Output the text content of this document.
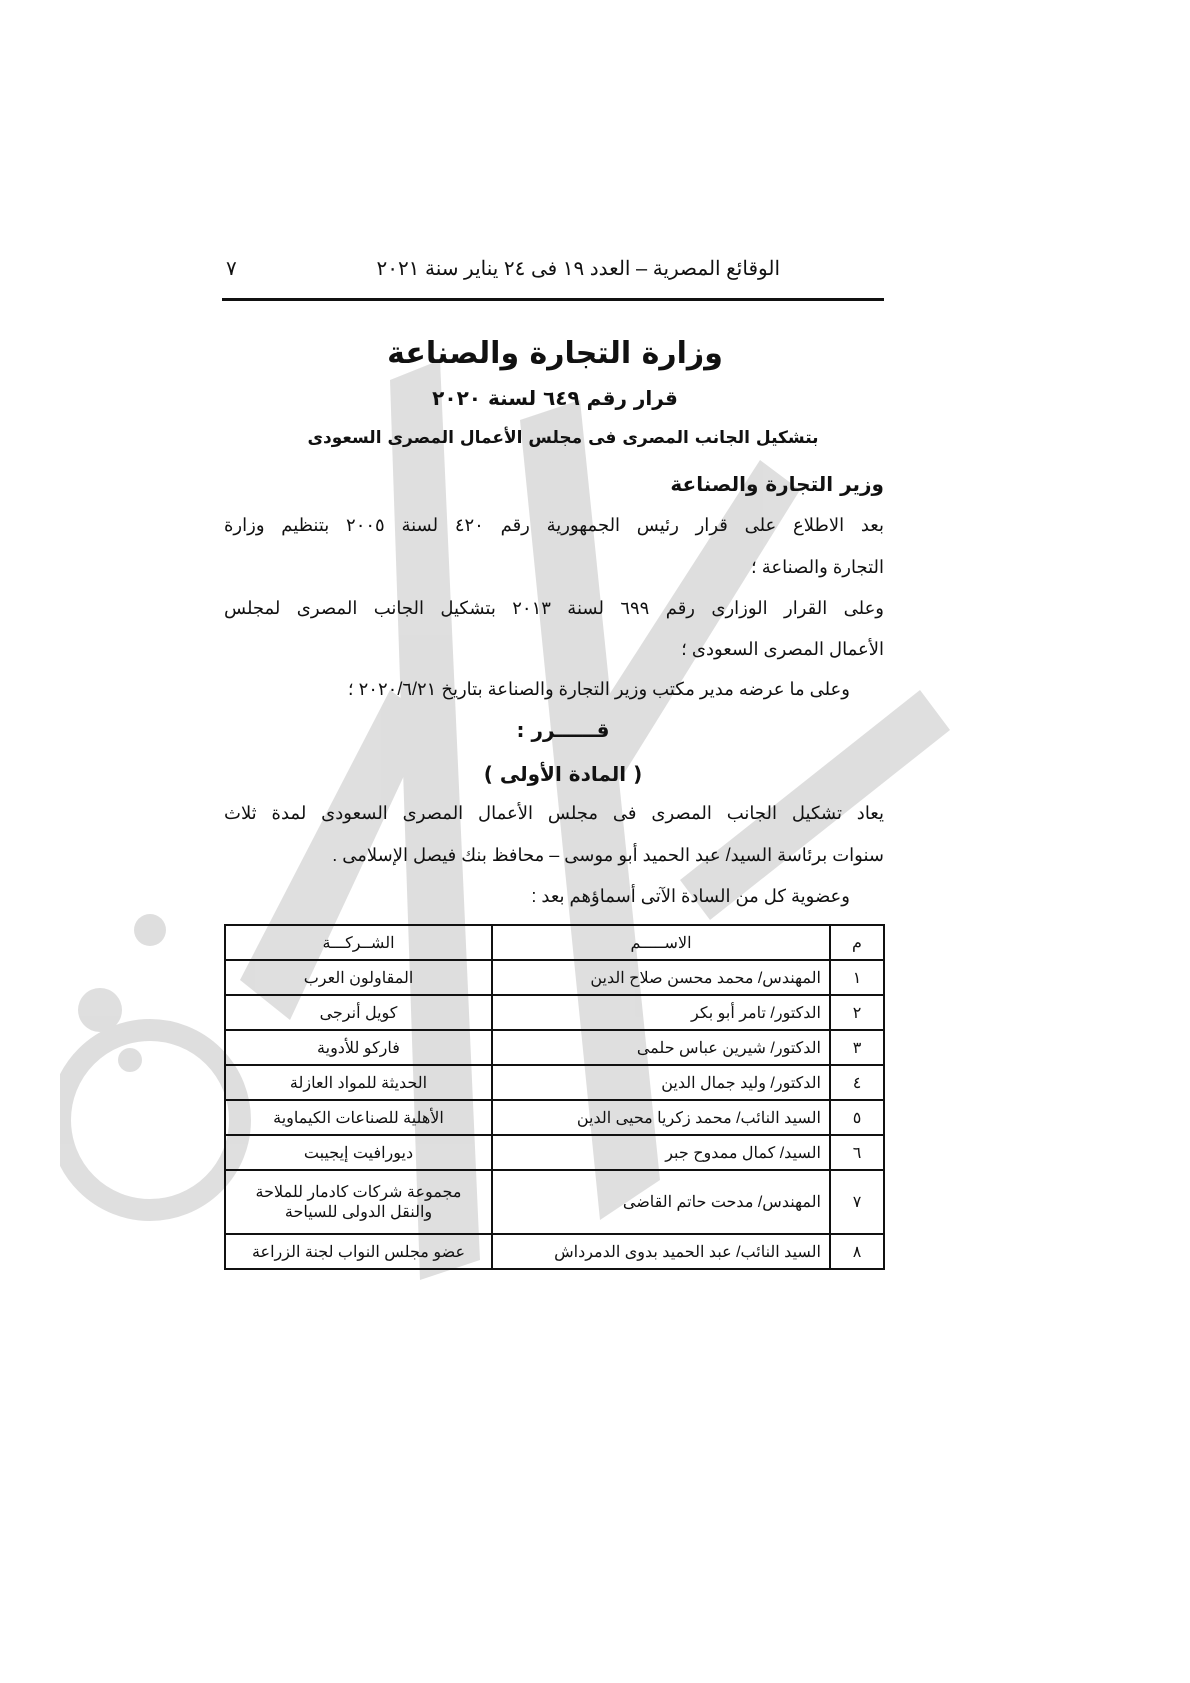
الوقائع المصرية – العدد ١٩ فى ٢٤ يناير سنة ٢٠٢١
٧
وزارة التجارة والصناعة
قرار رقم ٦٤٩ لسنة ٢٠٢٠
بتشكيل الجانب المصرى فى مجلس الأعمال المصرى السعودى
وزير التجارة والصناعة
بعد الاطلاع على قرار رئيس الجمهورية رقم ٤٢٠ لسنة ٢٠٠٥ بتنظيم وزارة
التجارة والصناعة ؛
وعلى القرار الوزارى رقم ٦٩٩ لسنة ٢٠١٣ بتشكيل الجانب المصرى لمجلس
الأعمال المصرى السعودى ؛
وعلى ما عرضه مدير مكتب وزير التجارة والصناعة بتاريخ ٢٠٢٠/٦/٢١ ؛
قــــــرر :
( المادة الأولى )
يعاد تشكيل الجانب المصرى فى مجلس الأعمال المصرى السعودى لمدة ثلاث
سنوات برئاسة السيد/ عبد الحميد أبو موسى – محافظ بنك فيصل الإسلامى .
وعضوية كل من السادة الآتى أسماؤهم بعد :
م	الاســـــم	الشــركـــة
١	المهندس/ محمد محسن صلاح الدين	المقاولون العرب
٢	الدكتور/ تامر أبو بكر	كويل أنرجى
٣	الدكتور/ شيرين عباس حلمى	فاركو للأدوية
٤	الدكتور/ وليد جمال الدين	الحديثة للمواد العازلة
٥	السيد النائب/ محمد زكريا محيى الدين	الأهلية للصناعات الكيماوية
٦	السيد/ كمال ممدوح جبر	ديورافيت إيجيبت
٧	المهندس/ مدحت حاتم القاضى	مجموعة شركات كادمار للملاحة والنقل الدولى للسياحة
٨	السيد النائب/ عبد الحميد بدوى الدمرداش	عضو مجلس النواب لجنة الزراعة
